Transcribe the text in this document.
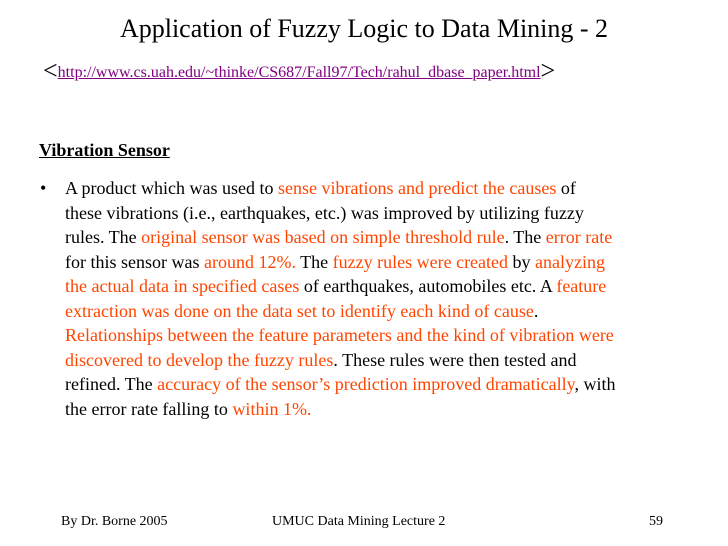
Application of Fuzzy Logic to Data Mining - 2
<http://www.cs.uah.edu/~thinke/CS687/Fall97/Tech/rahul_dbase_paper.html>
Vibration Sensor
• A product which was used to sense vibrations and predict the causes of
these vibrations (i.e., earthquakes, etc.) was improved by utilizing fuzzy
rules. The original sensor was based on simple threshold rule. The error rate
for this sensor was around 12%. The fuzzy rules were created by analyzing
the actual data in specified cases of earthquakes, automobiles etc. A feature
extraction was done on the data set to identify each kind of cause.
Relationships between the feature parameters and the kind of vibration were
discovered to develop the fuzzy rules. These rules were then tested and
refined. The accuracy of the sensor’s prediction improved dramatically, with
the error rate falling to within 1%.
By Dr. Borne 2005	UMUC Data Mining Lecture 2	59
